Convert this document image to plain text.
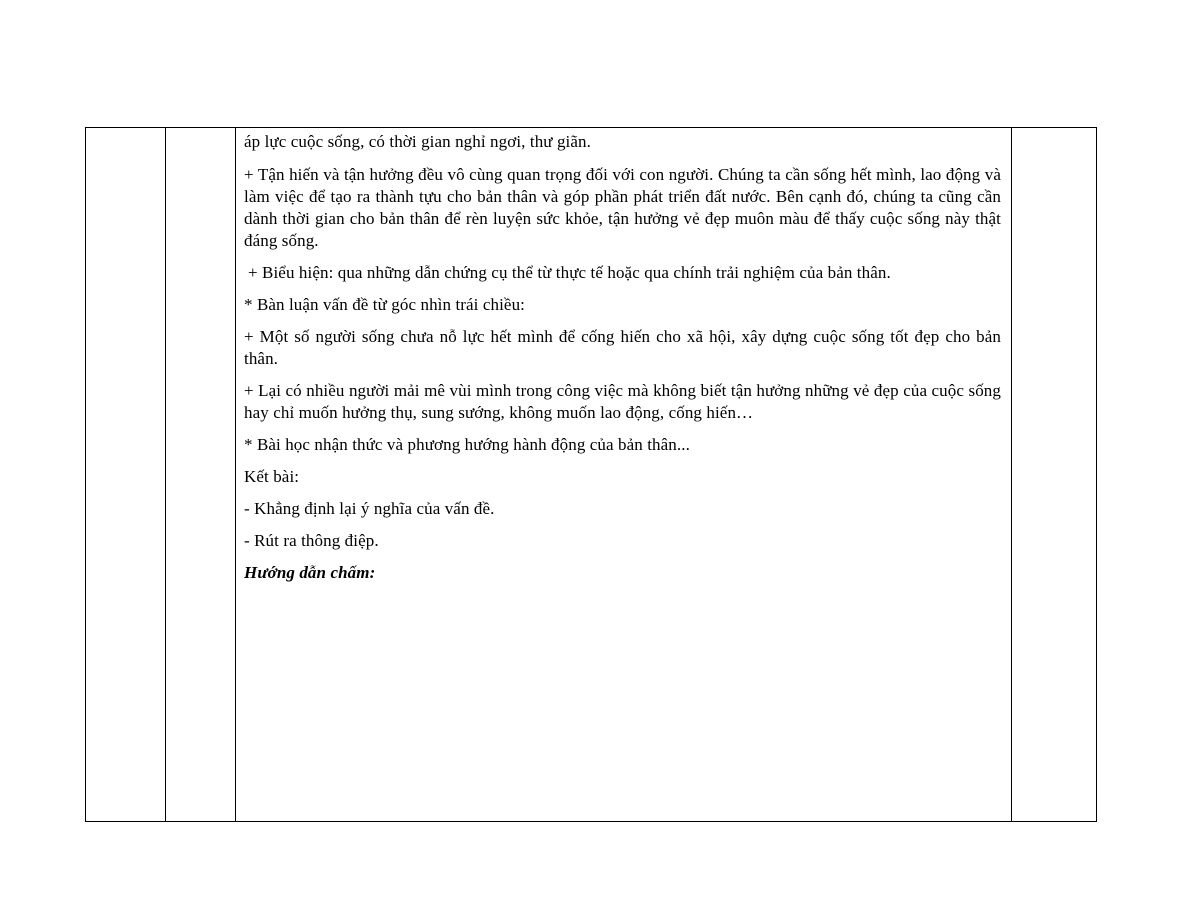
áp lực cuộc sống, có thời gian nghỉ ngơi, thư giãn.

+ Tận hiến và tận hưởng đều vô cùng quan trọng đối với con người. Chúng ta cần sống hết mình, lao động và làm việc để tạo ra thành tựu cho bản thân và góp phần phát triển đất nước. Bên cạnh đó, chúng ta cũng cần dành thời gian cho bản thân để rèn luyện sức khỏe, tận hưởng vẻ đẹp muôn màu để thấy cuộc sống này thật đáng sống.

+ Biểu hiện: qua những dẫn chứng cụ thể từ thực tế hoặc qua chính trải nghiệm của bản thân.

* Bàn luận vấn đề từ góc nhìn trái chiều:

+ Một số người sống chưa nỗ lực hết mình để cống hiến cho xã hội, xây dựng cuộc sống tốt đẹp cho bản thân.

+ Lại có nhiều người mải mê vùi mình trong công việc mà không biết tận hưởng những vẻ đẹp của cuộc sống hay chỉ muốn hưởng thụ, sung sướng, không muốn lao động, cống hiến…

* Bài học nhận thức và phương hướng hành động của bản thân...

Kết bài:

- Khẳng định lại ý nghĩa của vấn đề.

- Rút ra thông điệp.

Hướng dẫn chấm:
